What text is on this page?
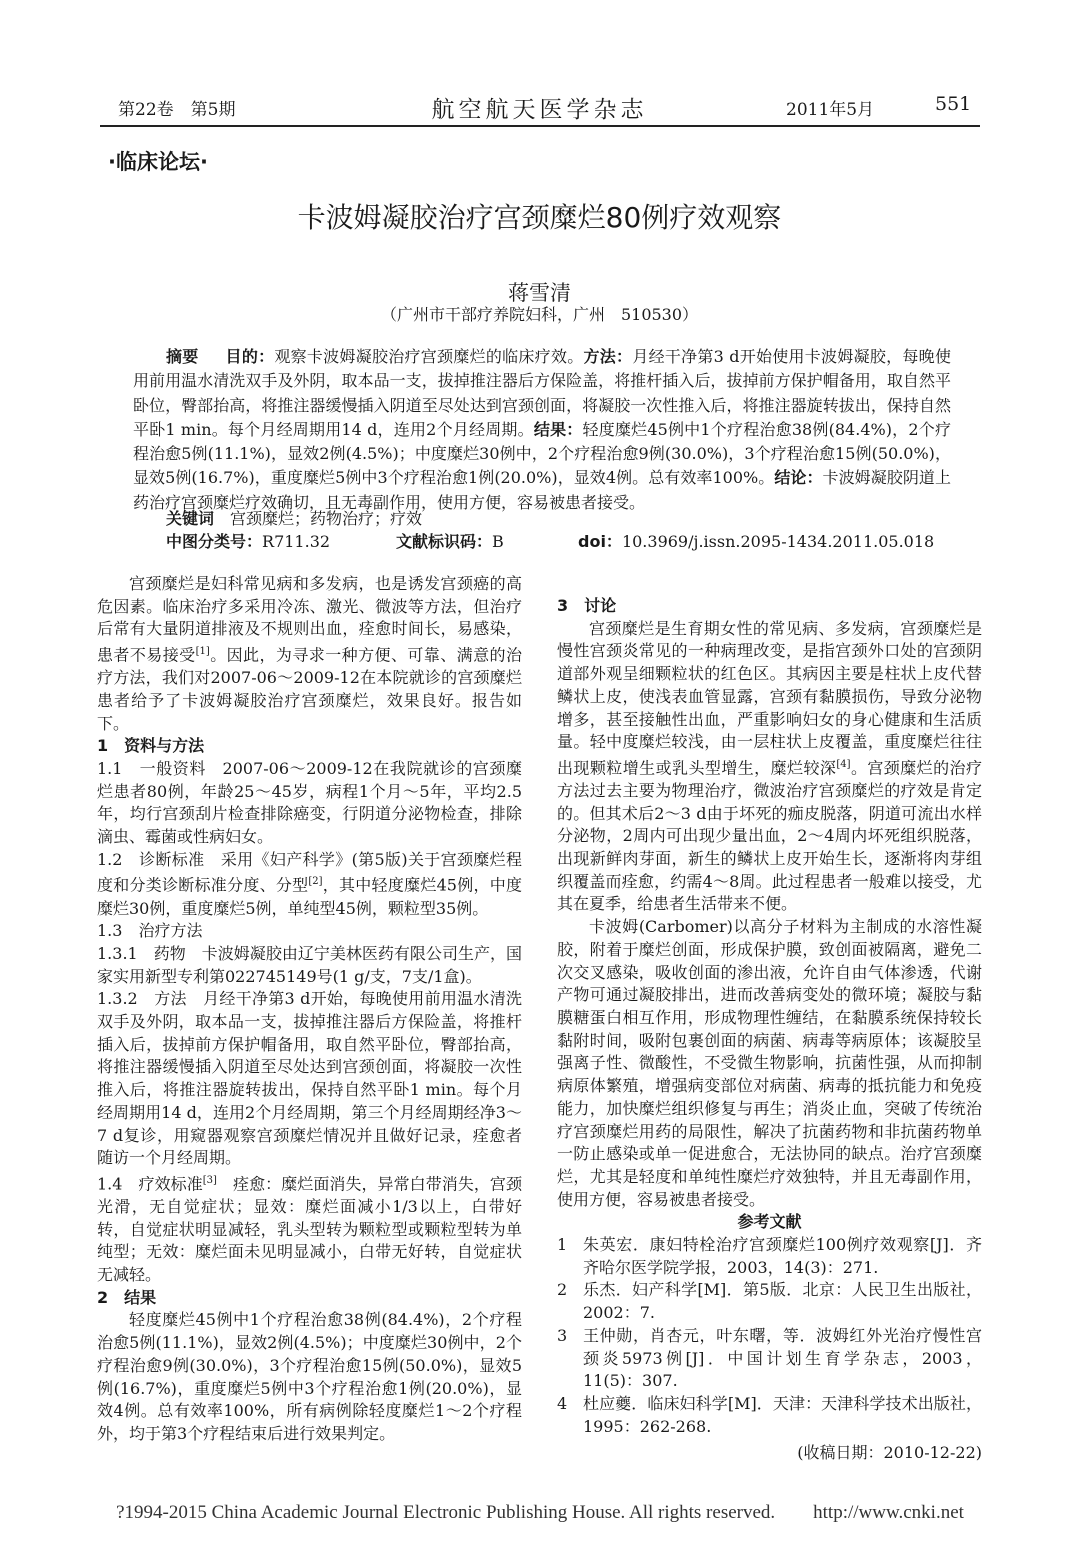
第22卷　第5期	航空航天医学杂志	2011年5月	551
·临床论坛·
卡波姆凝胶治疗宫颈糜烂80例疗效观察
蒋雪清
（广州市干部疗养院妇科，广州　510530）
摘要 　 目的：观察卡波姆凝胶治疗宫颈糜烂的临床疗效。方法：月经干净第3 d开始使用卡波姆凝胶，每晚使用前用温水清洗双手及外阴，取本品一支，拔掉推注器后方保险盖，将推杆插入后，拔掉前方保护帽备用，取自然平卧位，臀部抬高，将推注器缓慢插入阴道至尽处达到宫颈创面，将凝胶一次性推入后，将推注器旋转拔出，保持自然平卧1 min。每个月经周期用14 d，连用2个月经周期。结果：轻度糜烂45例中1个疗程治愈38例(84.4%)，2个疗程治愈5例(11.1%)，显效2例(4.5%)；中度糜烂30例中，2个疗程治愈9例(30.0%)，3个疗程治愈15例(50.0%)，显效5例(16.7%)，重度糜烂5例中3个疗程治愈1例(20.0%)，显效4例。总有效率100%。结论：卡波姆凝胶阴道上药治疗宫颈糜烂疗效确切，且无毒副作用，使用方便，容易被患者接受。
关键词　 宫颈糜烂；药物治疗；疗效
中图分类号：R711.32	文献标识码：B	doi：10.3969/j.issn.2095-1434.2011.05.018

宫颈糜烂是妇科常见病和多发病，也是诱发宫颈癌的高危因素。临床治疗多采用冷冻、激光、微波等方法，但治疗后常有大量阴道排液及不规则出血，痊愈时间长，易感染，患者不易接受[1]。因此，为寻求一种方便、可靠、满意的治疗方法，我们对2007-06～2009-12在本院就诊的宫颈糜烂患者给予了卡波姆凝胶治疗宫颈糜烂，效果良好。报告如下。

1　资料与方法

1.1　一般资料　2007-06～2009-12在我院就诊的宫颈糜烂患者80例，年龄25～45岁，病程1个月～5年，平均2.5年，均行宫颈刮片检查排除癌变，行阴道分泌物检查，排除滴虫、霉菌或性病妇女。

1.2　诊断标准　采用《妇产科学》(第5版)关于宫颈糜烂程度和分类诊断标准分度、分型[2]，其中轻度糜烂45例，中度糜烂30例，重度糜烂5例，单纯型45例，颗粒型35例。

1.3　治疗方法

1.3.1　药物　卡波姆凝胶由辽宁美林医药有限公司生产，国家实用新型专利第022745149号(1 g/支，7支/1盒)。

1.3.2　方法　月经干净第3 d开始，每晚使用前用温水清洗双手及外阴，取本品一支，拔掉推注器后方保险盖，将推杆插入后，拔掉前方保护帽备用，取自然平卧位，臀部抬高，将推注器缓慢插入阴道至尽处达到宫颈创面，将凝胶一次性推入后，将推注器旋转拔出，保持自然平卧1 min。每个月经周期用14 d，连用2个月经周期，第三个月经周期经净3～7 d复诊，用窥器观察宫颈糜烂情况并且做好记录，痊愈者随访一个月经周期。

1.4　疗效标准[3]　痊愈：糜烂面消失，异常白带消失，宫颈光滑，无自觉症状；显效：糜烂面减小1/3以上，白带好转，自觉症状明显减轻，乳头型转为颗粒型或颗粒型转为单纯型；无效：糜烂面未见明显减小，白带无好转，自觉症状无减轻。

2　结果

轻度糜烂45例中1个疗程治愈38例(84.4%)，2个疗程治愈5例(11.1%)，显效2例(4.5%)；中度糜烂30例中，2个疗程治愈9例(30.0%)，3个疗程治愈15例(50.0%)，显效5例(16.7%)，重度糜烂5例中3个疗程治愈1例(20.0%)，显效4例。总有效率100%，所有病例除轻度糜烂1～2个疗程外，均于第3个疗程结束后进行效果判定。

3　讨论

宫颈糜烂是生育期女性的常见病、多发病，宫颈糜烂是慢性宫颈炎常见的一种病理改变，是指宫颈外口处的宫颈阴道部外观呈细颗粒状的红色区。其病因主要是柱状上皮代替鳞状上皮，使浅表血管显露，宫颈有黏膜损伤，导致分泌物增多，甚至接触性出血，严重影响妇女的身心健康和生活质量。轻中度糜烂较浅，由一层柱状上皮覆盖，重度糜烂往往出现颗粒增生或乳头型增生，糜烂较深[4]。宫颈糜烂的治疗方法过去主要为物理治疗，微波治疗宫颈糜烂的疗效是肯定的。但其术后2～3 d由于坏死的痂皮脱落，阴道可流出水样分泌物，2周内可出现少量出血，2～4周内坏死组织脱落，出现新鲜肉芽面，新生的鳞状上皮开始生长，逐渐将肉芽组织覆盖而痊愈，约需4～8周。此过程患者一般难以接受，尤其在夏季，给患者生活带来不便。

卡波姆(Carbomer)以高分子材料为主制成的水溶性凝胶，附着于糜烂创面，形成保护膜，致创面被隔离，避免二次交叉感染，吸收创面的渗出液，允许自由气体渗透，代谢产物可通过凝胶排出，进而改善病变处的微环境；凝胶与黏膜糖蛋白相互作用，形成物理性缠结，在黏膜系统保持较长黏附时间，吸附包裹创面的病菌、病毒等病原体；该凝胶呈强离子性、微酸性，不受微生物影响，抗菌性强，从而抑制病原体繁殖，增强病变部位对病菌、病毒的抵抗能力和免疫能力，加快糜烂组织修复与再生；消炎止血，突破了传统治疗宫颈糜烂用药的局限性，解决了抗菌药物和非抗菌药物单一防止感染或单一促进愈合，无法协同的缺点。治疗宫颈糜烂，尤其是轻度和单纯性糜烂疗效独特，并且无毒副作用，使用方便，容易被患者接受。

参考文献

1 朱英宏．康妇特栓治疗宫颈糜烂100例疗效观察[J]．齐齐哈尔医学院学报，2003，14(3)：271.

2 乐杰．妇产科学[M]．第5版．北京：人民卫生出版社，2002：7.

3 王仲勋，肖杏元，叶东曙，等．波姆红外光治疗慢性宫颈炎5973例[J]．中国计划生育学杂志，2003，11(5)：307.

4 杜应夔．临床妇科学[M]．天津：天津科学技术出版社，1995：262-268.

(收稿日期：2010-12-22)

?1994-2015 China Academic Journal Electronic Publishing House. All rights reserved.　　http://www.cnki.net
